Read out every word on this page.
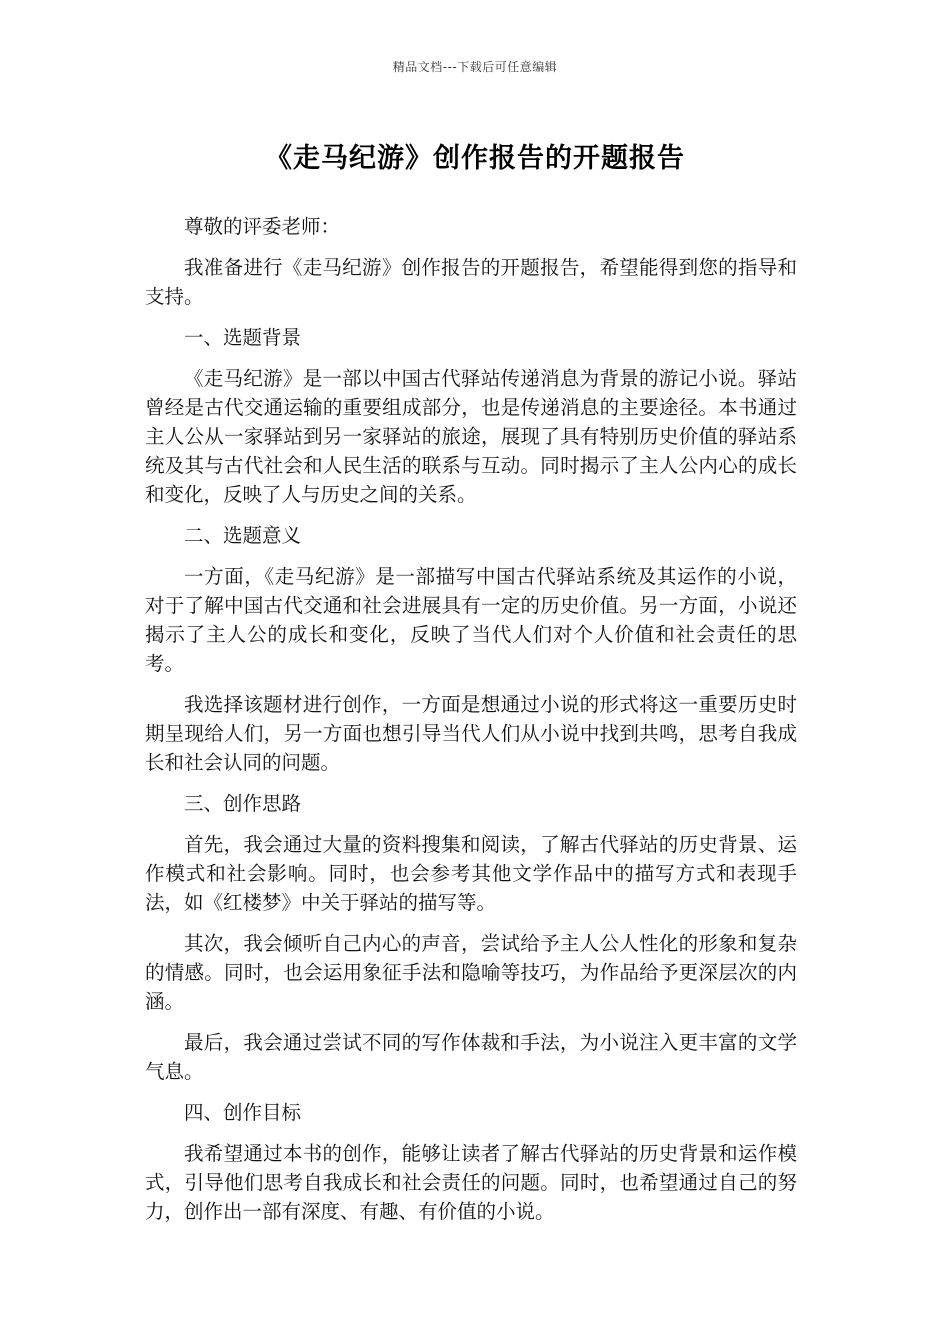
精品文档---下载后可任意编辑
《走马纪游》创作报告的开题报告

尊敬的评委老师：

我准备进行《走马纪游》创作报告的开题报告，希望能得到您的指导和支持。

一、选题背景

《走马纪游》是一部以中国古代驿站传递消息为背景的游记小说。驿站曾经是古代交通运输的重要组成部分，也是传递消息的主要途径。本书通过主人公从一家驿站到另一家驿站的旅途，展现了具有特别历史价值的驿站系统及其与古代社会和人民生活的联系与互动。同时揭示了主人公内心的成长和变化，反映了人与历史之间的关系。

二、选题意义

一方面，《走马纪游》是一部描写中国古代驿站系统及其运作的小说，对于了解中国古代交通和社会进展具有一定的历史价值。另一方面，小说还揭示了主人公的成长和变化，反映了当代人们对个人价值和社会责任的思考。

我选择该题材进行创作，一方面是想通过小说的形式将这一重要历史时期呈现给人们，另一方面也想引导当代人们从小说中找到共鸣，思考自我成长和社会认同的问题。

三、创作思路

首先，我会通过大量的资料搜集和阅读，了解古代驿站的历史背景、运作模式和社会影响。同时，也会参考其他文学作品中的描写方式和表现手法，如《红楼梦》中关于驿站的描写等。

其次，我会倾听自己内心的声音，尝试给予主人公人性化的形象和复杂的情感。同时，也会运用象征手法和隐喻等技巧，为作品给予更深层次的内涵。

最后，我会通过尝试不同的写作体裁和手法，为小说注入更丰富的文学气息。

四、创作目标

我希望通过本书的创作，能够让读者了解古代驿站的历史背景和运作模式，引导他们思考自我成长和社会责任的问题。同时，也希望通过自己的努力，创作出一部有深度、有趣、有价值的小说。
